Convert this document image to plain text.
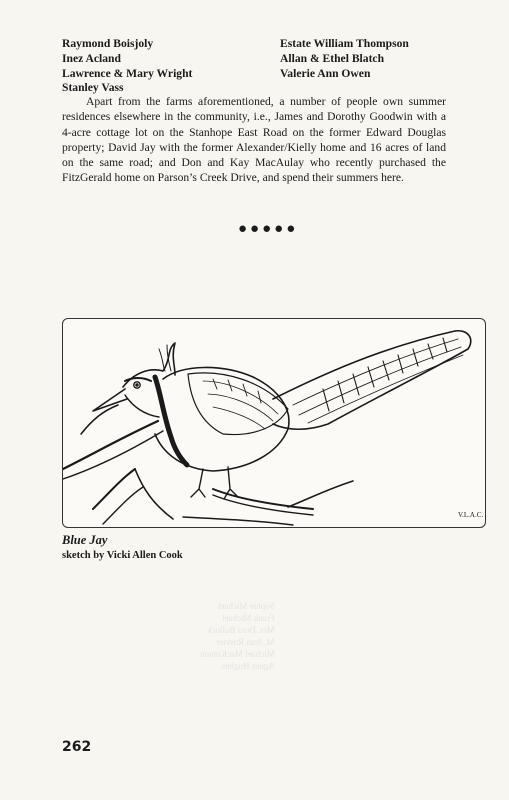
Sophie Michael
Frank Michael
Mrs. Dora Bullock
M. Jean Rosvier
Michael MacKinnon
Agnes Hughes
Raymond Boisjoly	Estate William Thompson
Inez Acland	Allan & Ethel Blatch
Lawrence & Mary Wright	Valerie Ann Owen
Stanley Vass

Apart from the farms aforementioned, a number of people own summer residences elsewhere in the community, i.e., James and Dorothy Goodwin with a 4-acre cottage lot on the Stanhope East Road on the former Edward Douglas property; David Jay with the former Alexander/Kielly home and 16 acres of land on the same road; and Don and Kay MacAulay who recently purchased the FitzGerald home on Parson’s Creek Drive, and spend their summers here.

●●●●●
V.L.A.C.
Blue Jay
sketch by Vicki Allen Cook
262
